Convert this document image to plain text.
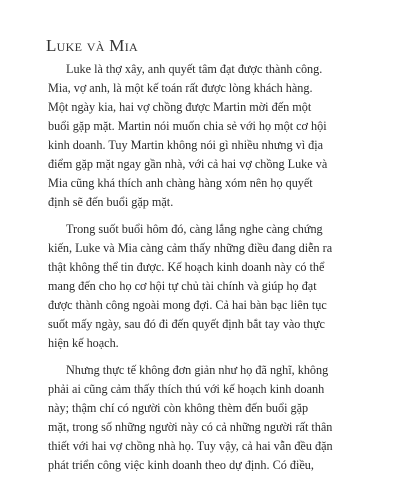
Luke và Mia

Luke là thợ xây, anh quyết tâm đạt được thành công.
Mia, vợ anh, là một kế toán rất được lòng khách hàng.
Một ngày kia, hai vợ chồng được Martin mời đến một
buổi gặp mặt. Martin nói muốn chia sẻ với họ một cơ hội
kinh doanh. Tuy Martin không nói gì nhiều nhưng vì địa
điểm gặp mặt ngay gần nhà, với cả hai vợ chồng Luke và
Mia cũng khá thích anh chàng hàng xóm nên họ quyết
định sẽ đến buổi gặp mặt.

Trong suốt buổi hôm đó, càng lắng nghe càng chứng
kiến, Luke và Mia càng cảm thấy những điều đang diễn ra
thật không thể tin được. Kế hoạch kinh doanh này có thể
mang đến cho họ cơ hội tự chủ tài chính và giúp họ đạt
được thành công ngoài mong đợi. Cả hai bàn bạc liên tục
suốt mấy ngày, sau đó đi đến quyết định bắt tay vào thực
hiện kế hoạch.

Nhưng thực tế không đơn giản như họ đã nghĩ, không
phải ai cũng cảm thấy thích thú với kế hoạch kinh doanh
này; thậm chí có người còn không thèm đến buổi gặp
mặt, trong số những người này có cả những người rất thân
thiết với hai vợ chồng nhà họ. Tuy vậy, cả hai vẫn đều đặn
phát triển công việc kinh doanh theo dự định. Có điều,
